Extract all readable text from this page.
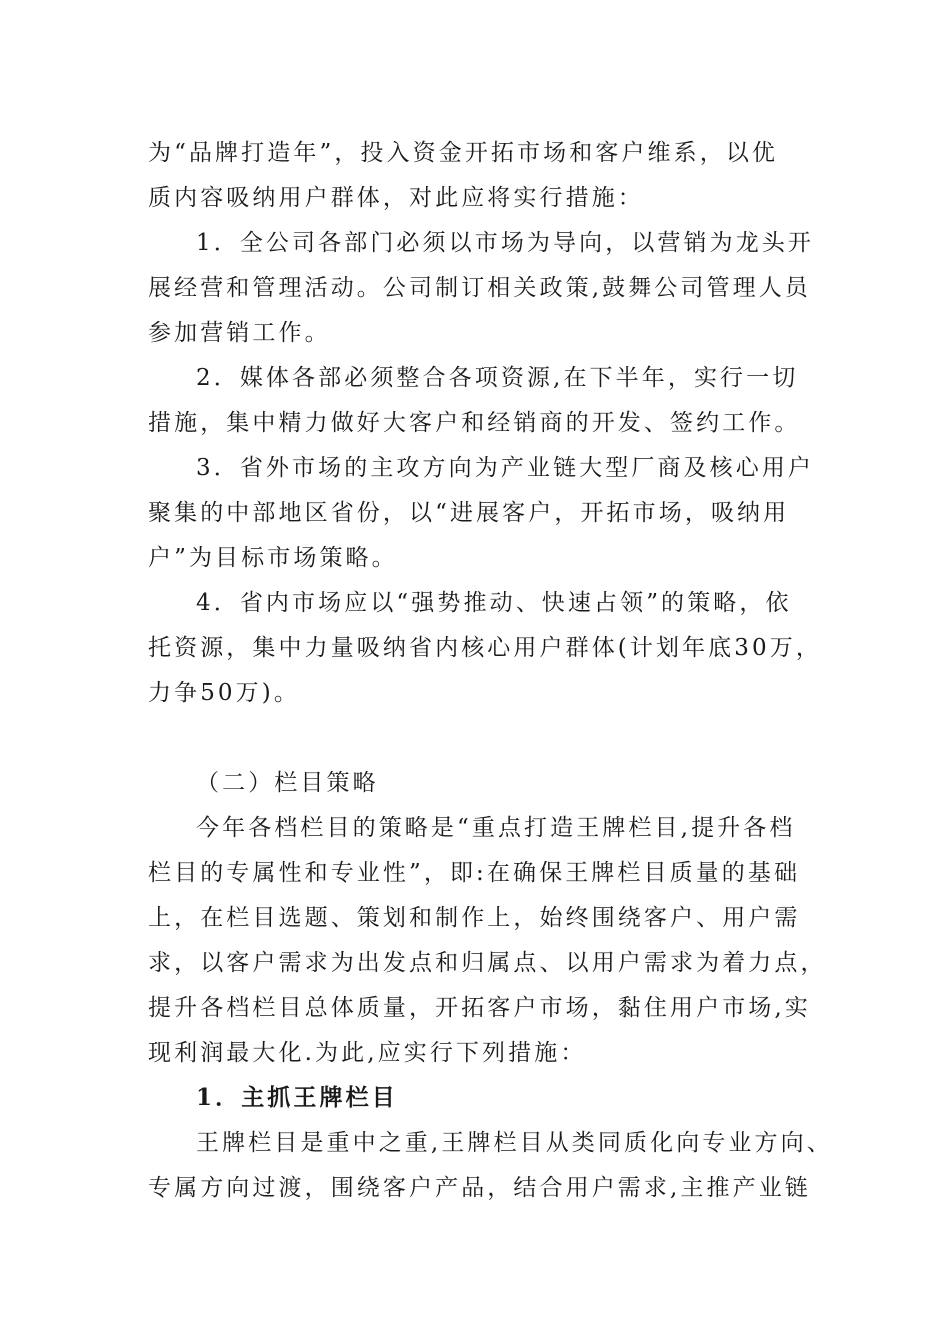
为“品牌打造年”，投入资金开拓市场和客户维系，以优
质内容吸纳用户群体，对此应将实行措施：
1．全公司各部门必须以市场为导向，以营销为龙头开
展经营和管理活动。公司制订相关政策,鼓舞公司管理人员
参加营销工作。
2．媒体各部必须整合各项资源,在下半年，实行一切
措施，集中精力做好大客户和经销商的开发、签约工作。
3．省外市场的主攻方向为产业链大型厂商及核心用户
聚集的中部地区省份，以“进展客户，开拓市场，吸纳用
户”为目标市场策略。
4．省内市场应以“强势推动、快速占领”的策略，依
托资源，集中力量吸纳省内核心用户群体(计划年底30万，
力争50万)。
（二）栏目策略
今年各档栏目的策略是“重点打造王牌栏目,提升各档
栏目的专属性和专业性”，即:在确保王牌栏目质量的基础
上，在栏目选题、策划和制作上，始终围绕客户、用户需
求，以客户需求为出发点和归属点、以用户需求为着力点，
提升各档栏目总体质量，开拓客户市场，黏住用户市场,实
现利润最大化.为此,应实行下列措施：
1．主抓王牌栏目
王牌栏目是重中之重,王牌栏目从类同质化向专业方向、
专属方向过渡，围绕客户产品，结合用户需求,主推产业链
